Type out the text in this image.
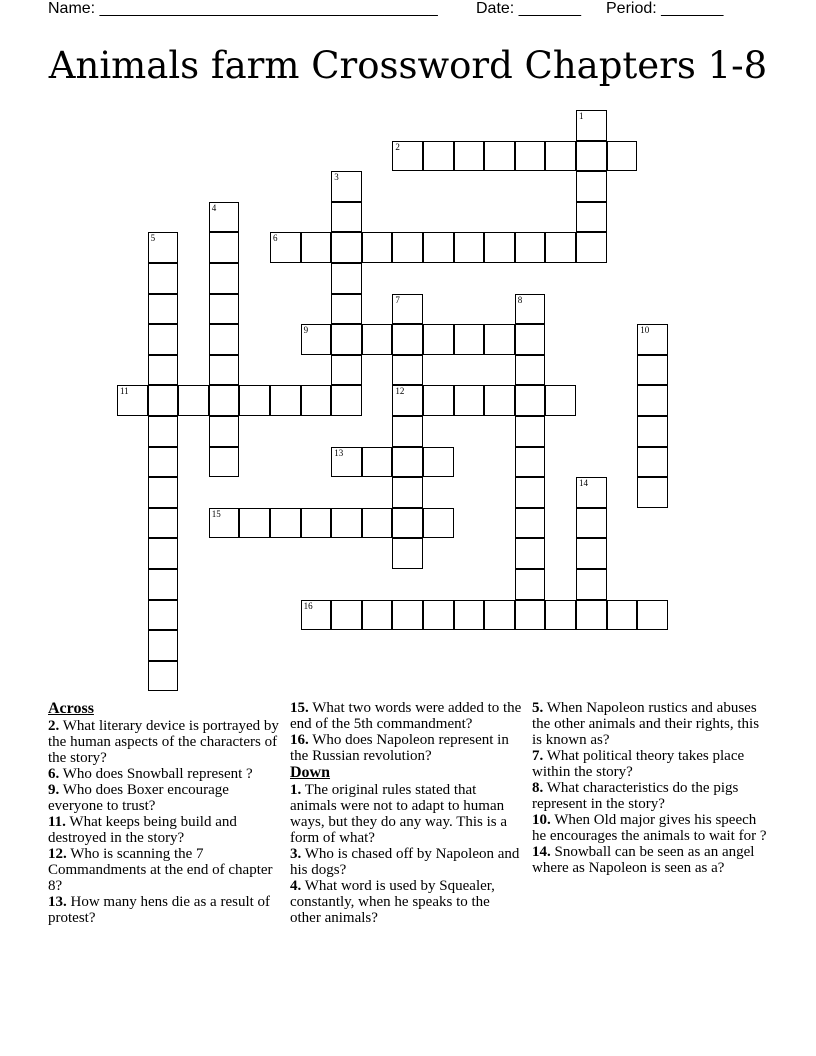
Name: ______________________________________ Date: _______ Period: _______
Animals farm Crossword Chapters 1-8
1
2
3
4
5	6
7
12
8
9	10
11
13
14
15
16
Across
2. What literary device is portrayed by the human aspects of the characters of the story?
6. Who does Snowball represent ?
9. Who does Boxer encourage everyone to trust?
11. What keeps being build and destroyed in the story?
12. Who is scanning the 7 Commandments at the end of chapter 8?
13. How many hens die as a result of protest?
15. What two words were added to the end of the 5th commandment?
16. Who does Napoleon represent in the Russian revolution?
Down
1. The original rules stated that animals were not to adapt to human ways, but they do any way. This is a form of what?
3. Who is chased off by Napoleon and his dogs?
4. What word is used by Squealer, constantly, when he speaks to the other animals?
5. When Napoleon rustics and abuses the other animals and their rights, this is known as?
7. What political theory takes place within the story?
8. What characteristics do the pigs represent in the story?
10. When Old major gives his speech he encourages the animals to wait for ?
14. Snowball can be seen as an angel where as Napoleon is seen as a?
